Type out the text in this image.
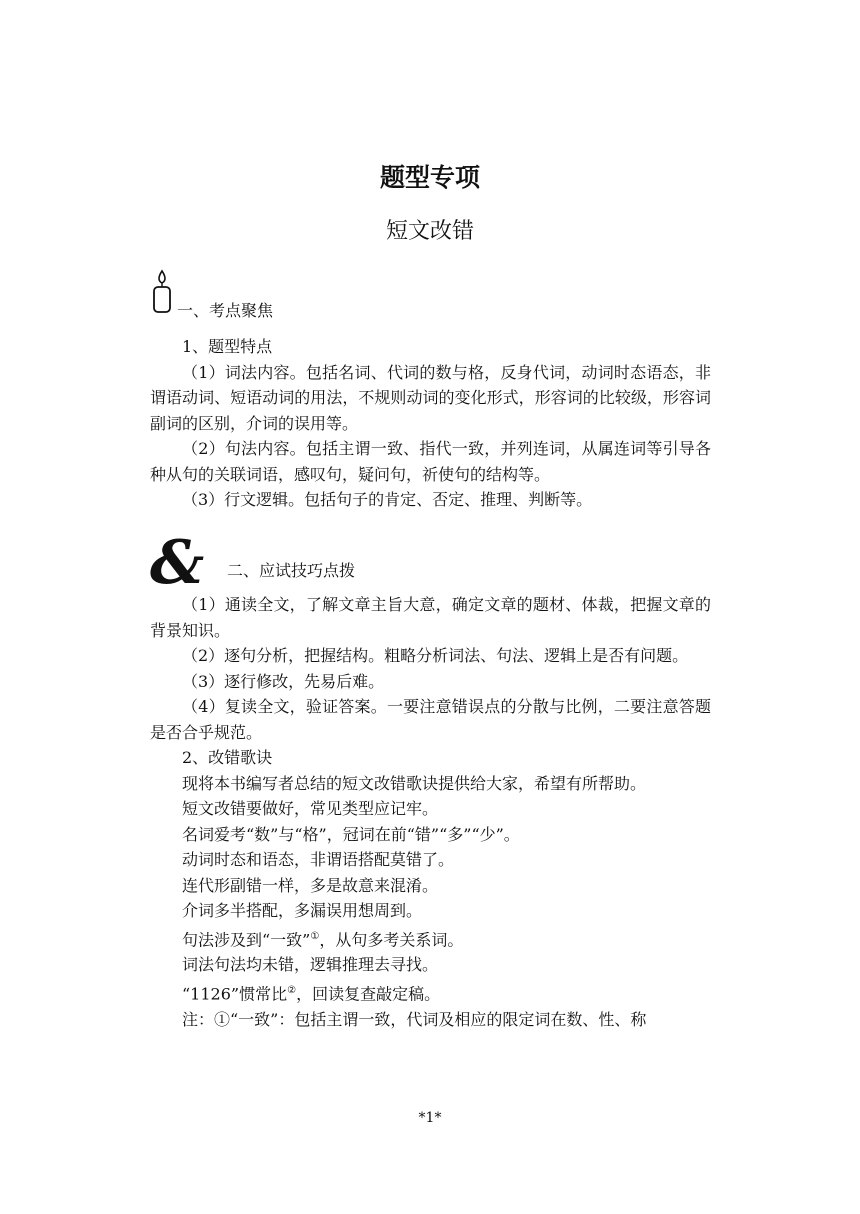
题型专项
短文改错
一、考点聚焦

1、题型特点

（1）词法内容。包括名词、代词的数与格，反身代词，动词时态语态，非谓语动词、短语动词的用法，不规则动词的变化形式，形容词的比较级，形容词副词的区别，介词的误用等。

（2）句法内容。包括主谓一致、指代一致，并列连词，从属连词等引导各种从句的关联词语，感叹句，疑问句，祈使句的结构等。

（3）行文逻辑。包括句子的肯定、否定、推理、判断等。

& 二、应试技巧点拨

（1）通读全文，了解文章主旨大意，确定文章的题材、体裁，把握文章的背景知识。

（2）逐句分析，把握结构。粗略分析词法、句法、逻辑上是否有问题。

（3）逐行修改，先易后难。

（4）复读全文，验证答案。一要注意错误点的分散与比例，二要注意答题是否合乎规范。

2、改错歌诀

现将本书编写者总结的短文改错歌诀提供给大家，希望有所帮助。

短文改错要做好，常见类型应记牢。

名词爱考“数”与“格”，冠词在前“错”“多”“少”。

动词时态和语态，非谓语搭配莫错了。

连代形副错一样，多是故意来混淆。

介词多半搭配，多漏误用想周到。

句法涉及到“一致”①，从句多考关系词。

词法句法均未错，逻辑推理去寻找。

“1126”惯常比②，回读复查敲定稿。

注：①“一致”：包括主谓一致，代词及相应的限定词在数、性、称

*1*
